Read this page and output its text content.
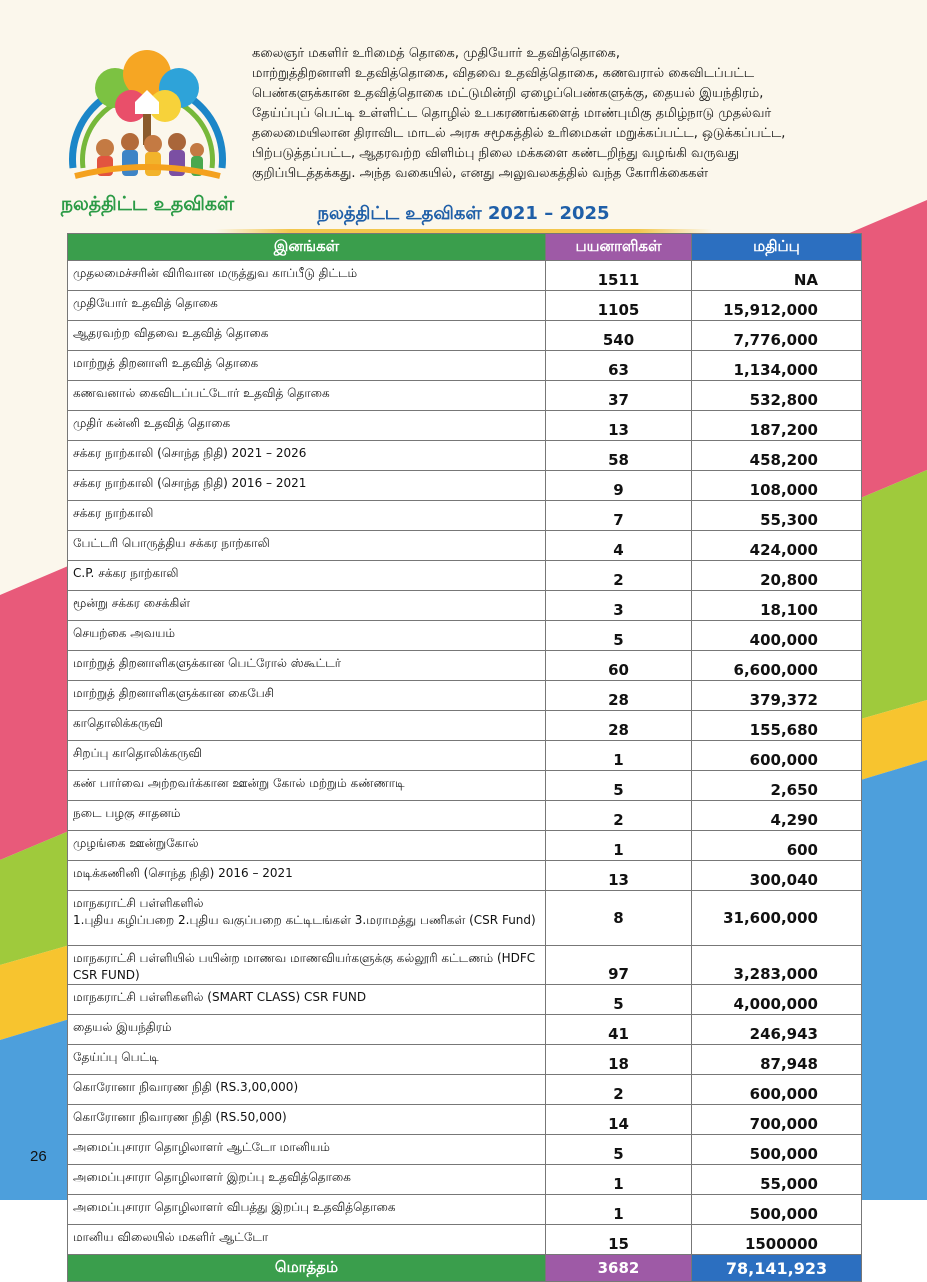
நலத்திட்ட உதவிகள்
கலைஞர் மகளிர் உரிமைத் தொகை, முதியோர் உதவித்தொகை,
மாற்றுத்திறனாளி உதவித்தொகை, விதவை உதவித்தொகை, கணவரால் கைவிடப்பட்ட
பெண்களுக்கான உதவித்தொகை மட்டுமின்றி ஏழைப்பெண்களுக்கு, தையல் இயந்திரம்,
தேய்ப்புப் பெட்டி உள்ளிட்ட தொழில் உபகரணங்களைத் மாண்புமிகு தமிழ்நாடு முதல்வர்
தலைமையிலான திராவிட மாடல் அரசு சமூகத்தில் உரிமைகள் மறுக்கப்பட்ட, ஒடுக்கப்பட்ட,
பிற்படுத்தப்பட்ட, ஆதரவற்ற விளிம்பு நிலை மக்களை கண்டறிந்து வழங்கி வருவது
குறிப்பிடத்தக்கது. அந்த வகையில், எனது அலுவலகத்தில் வந்த கோரிக்கைகள்
நலத்திட்ட உதவிகள் 2021 – 2025
இனங்கள்	பயனாளிகள்	மதிப்பு
முதலமைச்சரின் விரிவான மருத்துவ காப்பீடு திட்டம்	1511	NA
முதியோர் உதவித் தொகை	1105	15,912,000
ஆதரவற்ற விதவை உதவித் தொகை	540	7,776,000
மாற்றுத் திறனாளி உதவித் தொகை	63	1,134,000
கணவனால் கைவிடப்பட்டோர் உதவித் தொகை	37	532,800
முதிர் கன்னி உதவித் தொகை	13	187,200
சக்கர நாற்காலி (சொந்த நிதி) 2021 – 2026	58	458,200
சக்கர நாற்காலி (சொந்த நிதி) 2016 – 2021	9	108,000
சக்கர நாற்காலி	7	55,300
பேட்டரி பொருத்திய சக்கர நாற்காலி	4	424,000
C.P. சக்கர நாற்காலி	2	20,800
மூன்று சக்கர சைக்கிள்	3	18,100
செயற்கை அவயம்	5	400,000
மாற்றுத் திறனாளிகளுக்கான பெட்ரோல் ஸ்கூட்டர்	60	6,600,000
மாற்றுத் திறனாளிகளுக்கான கைபேசி	28	379,372
காதொலிக்கருவி	28	155,680
சிறப்பு காதொலிக்கருவி	1	600,000
கண் பார்வை அற்றவர்க்கான ஊன்று கோல் மற்றும் கண்ணாடி	5	2,650
நடை பழகு சாதனம்	2	4,290
முழங்கை ஊன்றுகோல்	1	600
மடிக்கணினி (சொந்த நிதி) 2016 – 2021	13	300,040

மாநகராட்சி பள்ளிகளில்
1.புதிய கழிப்பறை 2.புதிய வகுப்பறை கட்டிடங்கள் 3.மராமத்து பணிகள் (CSR Fund)	8	31,600,000
மாநகராட்சி பள்ளியில் பயின்ற மாணவ மாணவியர்களுக்கு கல்லூரி கட்டணம் (HDFC CSR FUND)	97	3,283,000
மாநகராட்சி பள்ளிகளில் (SMART CLASS) CSR FUND	5	4,000,000
தையல் இயந்திரம்	41	246,943
தேய்ப்பு பெட்டி	18	87,948
கொரோனா நிவாரண நிதி (RS.3,00,000)	2	600,000
கொரோனா நிவாரண நிதி (RS.50,000)	14	700,000
அமைப்புசாரா தொழிலாளர் ஆட்டோ மானியம்	5	500,000
அமைப்புசாரா தொழிலாளர் இறப்பு உதவித்தொகை	1	55,000
அமைப்புசாரா தொழிலாளர் விபத்து இறப்பு உதவித்தொகை	1	500,000
மானிய விலையில் மகளிர் ஆட்டோ	15	1500000
மொத்தம்	3682	78,141,923
26
